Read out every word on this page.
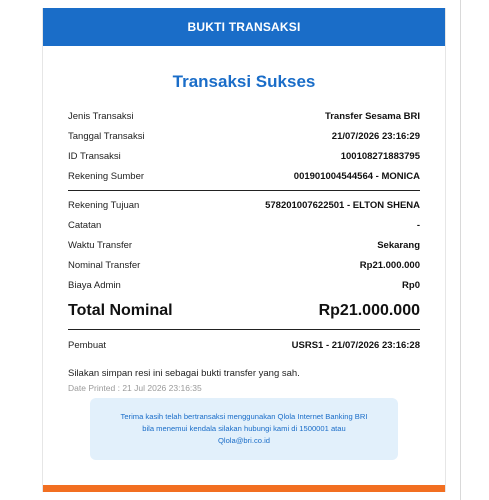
BUKTI TRANSAKSI
Transaksi Sukses
Jenis Transaksi	Transfer Sesama BRI
Tanggal Transaksi	21/07/2026 23:16:29
ID Transaksi	100108271883795
Rekening Sumber	001901004544564 - MONICA
Rekening Tujuan	578201007622501 - ELTON SHENA
Catatan	-
Waktu Transfer	Sekarang
Nominal Transfer	Rp21.000.000
Biaya Admin	Rp0
Total Nominal	Rp21.000.000
Pembuat	USRS1 - 21/07/2026 23:16:28
Silakan simpan resi ini sebagai bukti transfer yang sah.
Date Printed : 21 Jul 2026 23:16:35
Terima kasih telah bertransaksi menggunakan Qlola Internet Banking BRI
bila menemui kendala silakan hubungi kami di 1500001 atau
Qlola@bri.co.id
